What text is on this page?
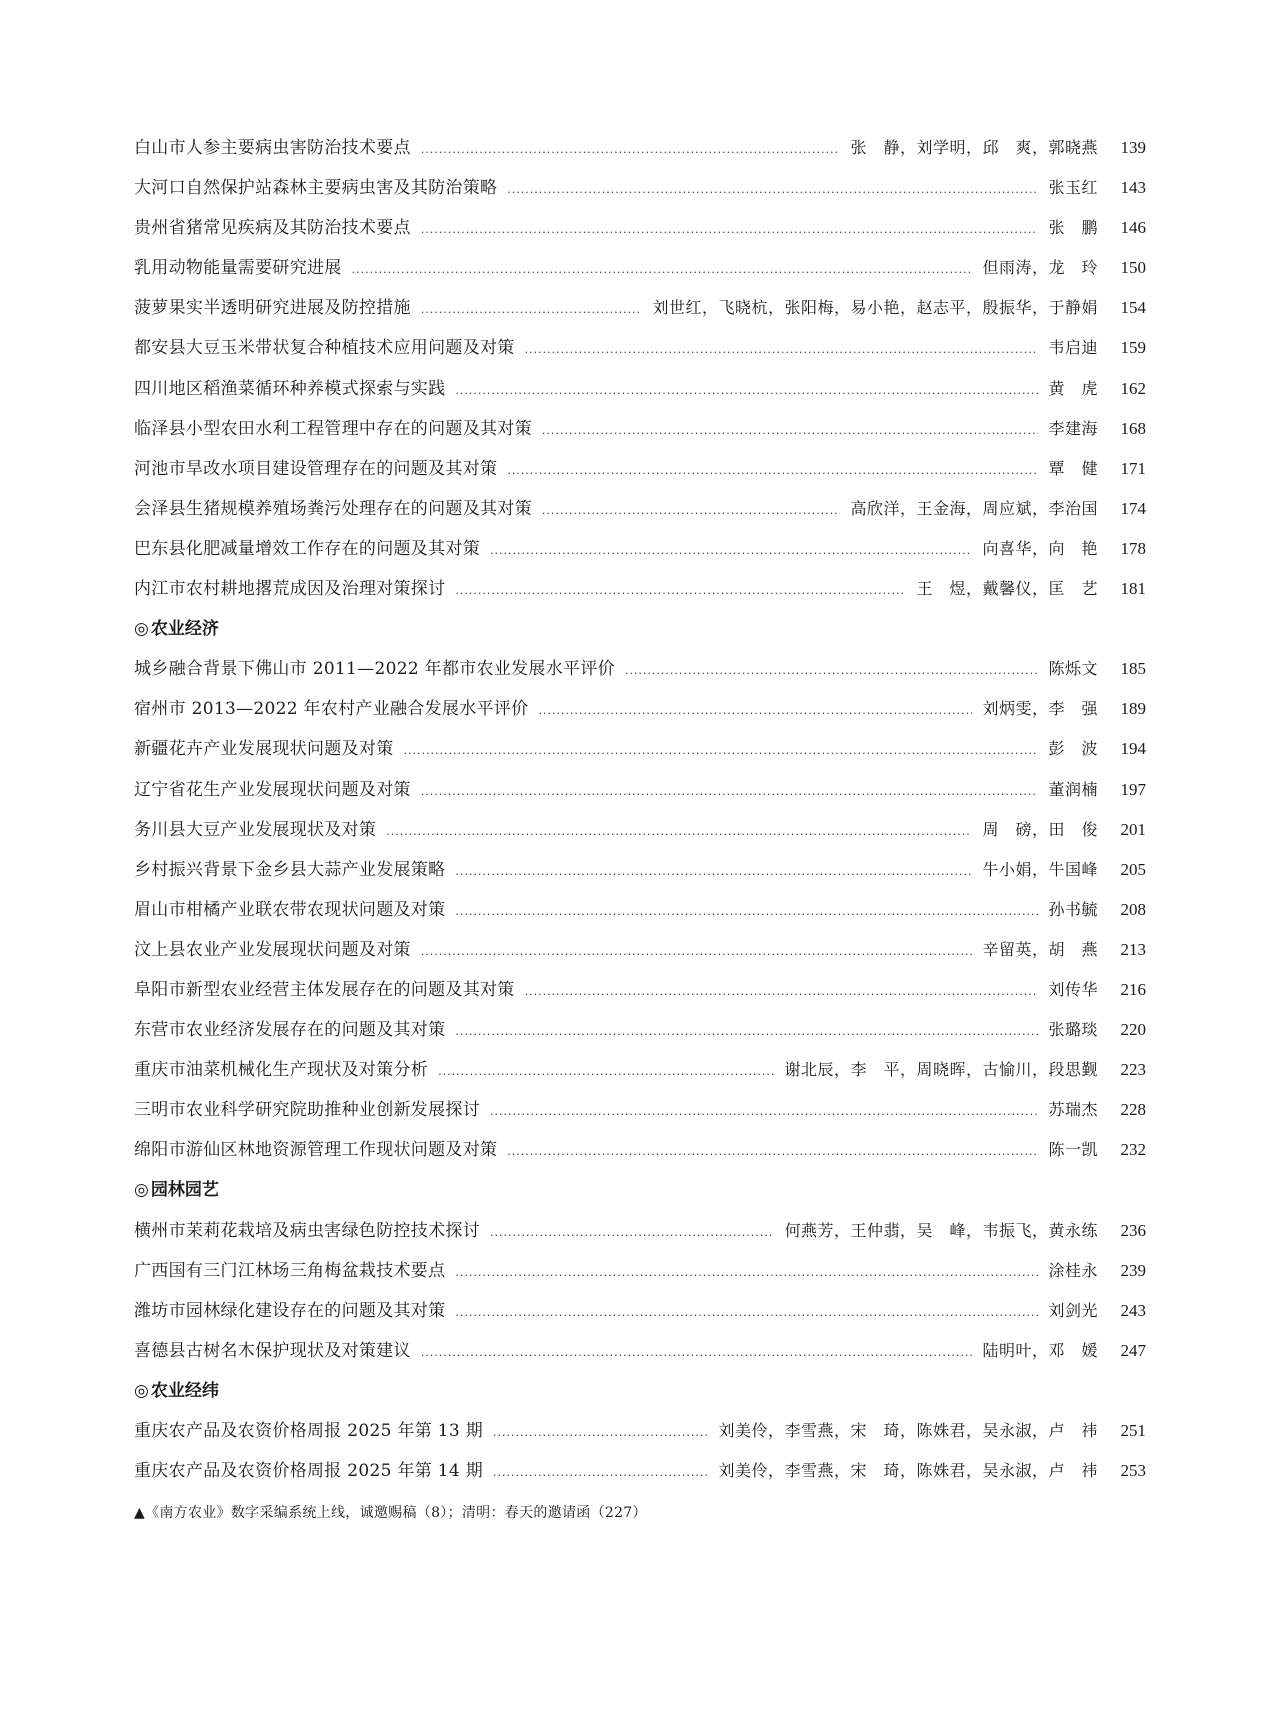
白山市人参主要病虫害防治技术要点 .....	张　静，刘学明，邱　爽，郭晓燕	139
大河口自然保护站森林主要病虫害及其防治策略 .....	张玉红	143
贵州省猪常见疾病及其防治技术要点 .....	张　鹏	146
乳用动物能量需要研究进展 .....	但雨涛，龙　玲	150
菠萝果实半透明研究进展及防控措施 .....	刘世红，飞晓杭，张阳梅，易小艳，赵志平，殷振华，于静娟	154
都安县大豆玉米带状复合种植技术应用问题及对策 .....	韦启迪	159
四川地区稻渔菜循环种养模式探索与实践 .....	黄　虎	162
临泽县小型农田水利工程管理中存在的问题及其对策 .....	李建海	168
河池市旱改水项目建设管理存在的问题及其对策 .....	覃　健	171
会泽县生猪规模养殖场粪污处理存在的问题及其对策 .....	高欣洋，王金海，周应斌，李治国	174
巴东县化肥减量增效工作存在的问题及其对策 .....	向喜华，向　艳	178
内江市农村耕地撂荒成因及治理对策探讨 .....	王　煜，戴馨仪，匡　艺	181
◎ 农业经济
城乡融合背景下佛山市 2011—2022 年都市农业发展水平评价 .....	陈烁文	185
宿州市 2013—2022 年农村产业融合发展水平评价 .....	刘炳雯，李　强	189
新疆花卉产业发展现状问题及对策 .....	彭　波	194
辽宁省花生产业发展现状问题及对策 .....	董润楠	197
务川县大豆产业发展现状及对策 .....	周　磅，田　俊	201
乡村振兴背景下金乡县大蒜产业发展策略 .....	牛小娟，牛国峰	205
眉山市柑橘产业联农带农现状问题及对策 .....	孙书毓	208
汶上县农业产业发展现状问题及对策 .....	辛留英，胡　燕	213
阜阳市新型农业经营主体发展存在的问题及其对策 .....	刘传华	216
东营市农业经济发展存在的问题及其对策 .....	张璐琰	220
重庆市油菜机械化生产现状及对策分析 .....	谢北辰，李　平，周晓晖，古愉川，段思觐	223
三明市农业科学研究院助推种业创新发展探讨 .....	苏瑞杰	228
绵阳市游仙区林地资源管理工作现状问题及对策 .....	陈一凯	232
◎ 园林园艺
横州市茉莉花栽培及病虫害绿色防控技术探讨 .....	何燕芳，王仲翡，吴　峰，韦振飞，黄永练	236
广西国有三门江林场三角梅盆栽技术要点 .....	涂桂永	239
潍坊市园林绿化建设存在的问题及其对策 .....	刘剑光	243
喜德县古树名木保护现状及对策建议 .....	陆明叶，邓　媛	247
◎ 农业经纬
重庆农产品及农资价格周报 2025 年第 13 期 .....	刘美伶，李雪燕，宋　琦，陈姝君，吴永淑，卢　祎	251
重庆农产品及农资价格周报 2025 年第 14 期 .....	刘美伶，李雪燕，宋　琦，陈姝君，吴永淑，卢　祎	253
▲《南方农业》数字采编系统上线，诚邀赐稿（8）；清明：春天的邀请函（227）
